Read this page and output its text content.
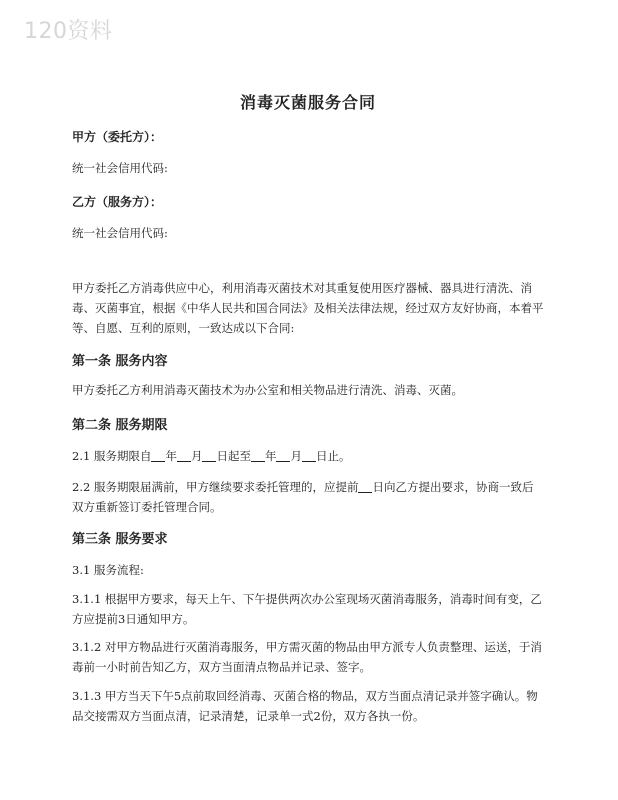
120资料
消毒灭菌服务合同
甲方（委托方）：
统一社会信用代码:
乙方（服务方）：
统一社会信用代码:
甲方委托乙方消毒供应中心，利用消毒灭菌技术对其重复使用医疗器械、器具进行清洗、消毒、灭菌事宜，根据《中华人民共和国合同法》及相关法律法规，经过双方友好协商，本着平等、自愿、互利的原则，一致达成以下合同:
第一条 服务内容
甲方委托乙方利用消毒灭菌技术为办公室和相关物品进行清洗、消毒、灭菌。
第二条 服务期限
2.1 服务期限自 年 月 日起至 年 月 日止。
2.2 服务期限届满前，甲方继续要求委托管理的，应提前 日向乙方提出要求，协商一致后双方重新签订委托管理合同。
第三条 服务要求
3.1 服务流程:
3.1.1 根据甲方要求，每天上午、下午提供两次办公室现场灭菌消毒服务，消毒时间有变，乙方应提前3日通知甲方。
3.1.2 对甲方物品进行灭菌消毒服务，甲方需灭菌的物品由甲方派专人负责整理、运送，于消毒前一小时前告知乙方，双方当面清点物品并记录、签字。
3.1.3 甲方当天下午5点前取回经消毒、灭菌合格的物品，双方当面点清记录并签字确认。物品交接需双方当面点清，记录清楚，记录单一式2份，双方各执一份。
